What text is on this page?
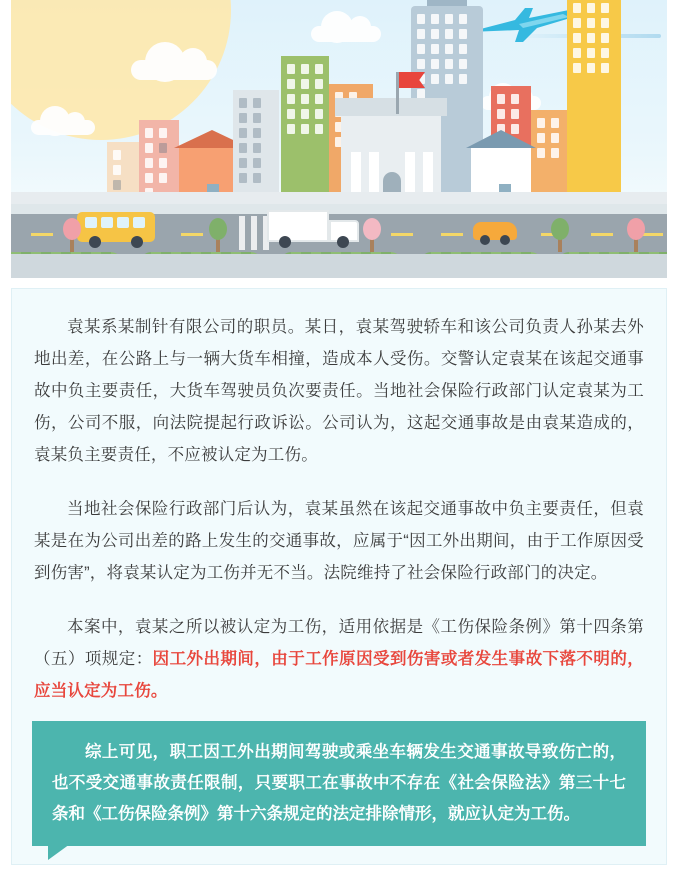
袁某系某制针有限公司的职员。某日，袁某驾驶轿车和该公司负责人孙某去外地出差，在公路上与一辆大货车相撞，造成本人受伤。交警认定袁某在该起交通事故中负主要责任，大货车驾驶员负次要责任。当地社会保险行政部门认定袁某为工伤，公司不服，向法院提起行政诉讼。公司认为，这起交通事故是由袁某造成的，袁某负主要责任，不应被认定为工伤。

当地社会保险行政部门后认为，袁某虽然在该起交通事故中负主要责任，但袁某是在为公司出差的路上发生的交通事故，应属于“因工外出期间，由于工作原因受到伤害”，将袁某认定为工伤并无不当。法院维持了社会保险行政部门的决定。

本案中，袁某之所以被认定为工伤，适用依据是《工伤保险条例》第十四条第（五）项规定：因工外出期间，由于工作原因受到伤害或者发生事故下落不明的，应当认定为工伤。

综上可见，职工因工外出期间驾驶或乘坐车辆发生交通事故导致伤亡的，也不受交通事故责任限制，只要职工在事故中不存在《社会保险法》第三十七条和《工伤保险条例》第十六条规定的法定排除情形，就应认定为工伤。
